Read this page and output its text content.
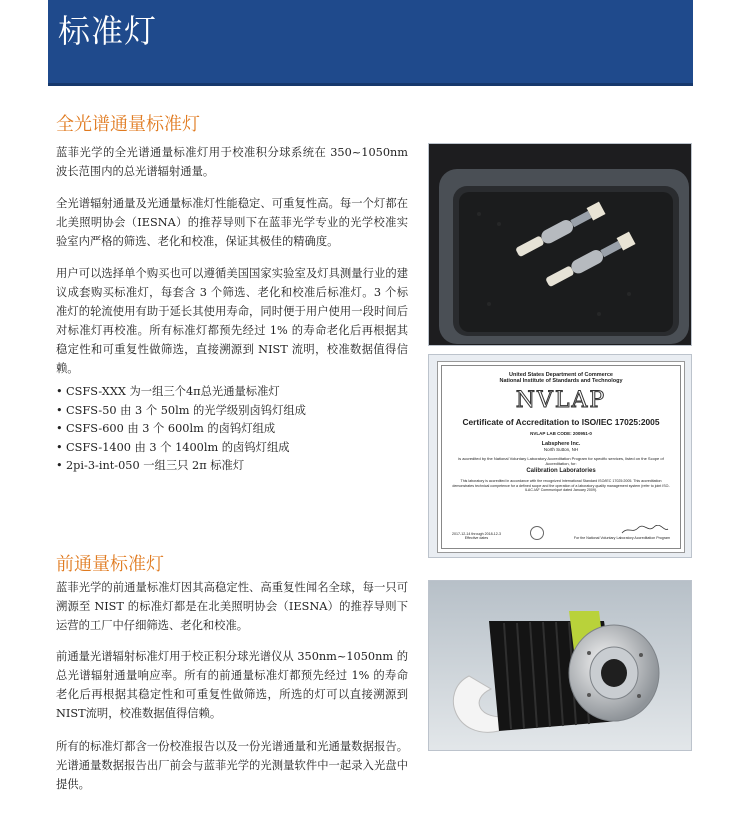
标准灯
全光谱通量标准灯

蓝菲光学的全光谱通量标准灯用于校准积分球系统在 350~1050nm 波长范围内的总光谱辐射通量。

全光谱辐射通量及光通量标准灯性能稳定、可重复性高。每一个灯都在北美照明协会（IESNA）的推荐导则下在蓝菲光学专业的光学校准实验室内严格的筛选、老化和校准，保证其极佳的精确度。

用户可以选择单个购买也可以遵循美国国家实验室及灯具测量行业的建议成套购买标准灯，每套含 3 个筛选、老化和校准后标准灯。3 个标准灯的轮流使用有助于延长其使用寿命，同时便于用户使用一段时间后对标准灯再校准。所有标准灯都预先经过 1% 的寿命老化后再根据其稳定性和可重复性做筛选，直接溯源到 NIST 流明，校准数据值得信赖。

• CSFS-XXX 为一组三个4π总光通量标准灯
• CSFS-50 由 3 个 50lm 的光学级别卤钨灯组成
• CSFS-600 由 3 个 600lm 的卤钨灯组成
• CSFS-1400 由 3 个 1400lm 的卤钨灯组成
• 2pi-3-int-050 一组三只 2π 标准灯
前通量标准灯

蓝菲光学的前通量标准灯因其高稳定性、高重复性闻名全球，每一只可溯源至 NIST 的标准灯都是在北美照明协会（IESNA）的推荐导则下运营的工厂中仔细筛选、老化和校准。

前通量光谱辐射标准灯用于校正积分球光谱仪从 350nm~1050nm 的总光谱辐射通量响应率。所有的前通量标准灯都预先经过 1% 的寿命老化后再根据其稳定性和可重复性做筛选，所选的灯可以直接溯源到NIST流明，校准数据值得信赖。

所有的标准灯都含一份校准报告以及一份光谱通量和光通量数据报告。光谱通量数据报告出厂前会与蓝菲光学的光测量软件中一起录入光盘中提供。

United States Department of Commerce
National Institute of Standards and Technology
NVLAP
Certificate of Accreditation to ISO/IEC 17025:2005
NVLAP LAB CODE: 200951-0
Labsphere Inc.
North Sutton, NH
is accredited by the National Voluntary Laboratory Accreditation Program for specific services, listed on the Scope of Accreditation, for:
Calibration Laboratories
This laboratory is accredited in accordance with the recognized International Standard ISO/IEC 17025:2005. This accreditation demonstrates technical competence for a defined scope and the operation of a laboratory quality management system (refer to joint ISO-ILAC-IAF Communiqué dated January 2009).
2017-12-14 through 2018-12-3
Effective dates	For the National Voluntary Laboratory Accreditation Program
